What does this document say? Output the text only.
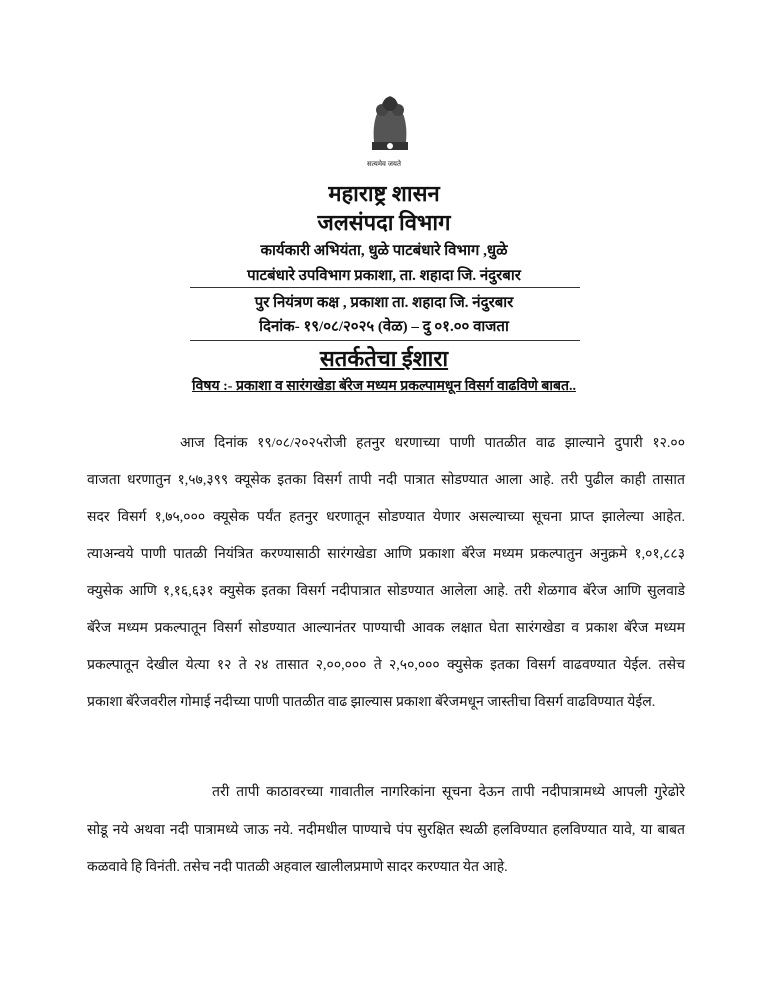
सत्यमेव जयते
महाराष्ट्र शासन
जलसंपदा विभाग
कार्यकारी अभियंता, धुळे पाटबंधारे विभाग ,धुळे
पाटबंधारे उपविभाग प्रकाशा, ता. शहादा जि. नंदुरबार
पुर नियंत्रण कक्ष , प्रकाशा ता. शहादा जि. नंदुरबार
दिनांक- १९/०८/२०२५ (वेळ) – दु ०१.०० वाजता
सतर्कतेचा ईशारा
विषय :- प्रकाशा व सारंगखेडा बॅरेज मध्यम प्रकल्पामधून विसर्ग वाढविणे बाबत..
आज दिनांक १९/०८/२०२५रोजी हतनुर धरणाच्या पाणी पातळीत वाढ झाल्याने दुपारी १२.००
वाजता धरणातुन १,५७,३९९ क्यूसेक इतका विसर्ग तापी नदी पात्रात सोडण्यात आला आहे. तरी पुढील काही तासात
सदर विसर्ग १,७५,००० क्यूसेक पर्यंत हतनुर धरणातून सोडण्यात येणार असल्याच्या सूचना प्राप्त झालेल्या आहेत.
त्याअन्वये पाणी पातळी नियंत्रित करण्यासाठी सारंगखेडा आणि प्रकाशा बॅरेज मध्यम प्रकल्पातुन अनुक्रमे १,०१,८८३
क्युसेक आणि १,१६,६३१ क्युसेक इतका विसर्ग नदीपात्रात सोडण्यात आलेला आहे. तरी शेळगाव बॅरेज आणि सुलवाडे
बॅरेज मध्यम प्रकल्पातून विसर्ग सोडण्यात आल्यानंतर पाण्याची आवक लक्षात घेता सारंगखेडा व प्रकाश बॅरेज मध्यम
प्रकल्पातून देखील येत्या १२ ते २४ तासात २,००,००० ते २,५०,००० क्युसेक इतका विसर्ग वाढवण्यात येईल. तसेच
प्रकाशा बॅरेजवरील गोमाई नदीच्या पाणी पातळीत वाढ झाल्यास प्रकाशा बॅरेजमधून जास्तीचा विसर्ग वाढविण्यात येईल.
तरी तापी काठावरच्या गावातील नागरिकांना सूचना देऊन तापी नदीपात्रामध्ये आपली गुरेढोरे
सोडू नये अथवा नदी पात्रामध्ये जाऊ नये. नदीमधील पाण्याचे पंप सुरक्षित स्थळी हलविण्यात हलविण्यात यावे, या बाबत
कळवावे हि विनंती. तसेच नदी पातळी अहवाल खालीलप्रमाणे सादर करण्यात येत आहे.
